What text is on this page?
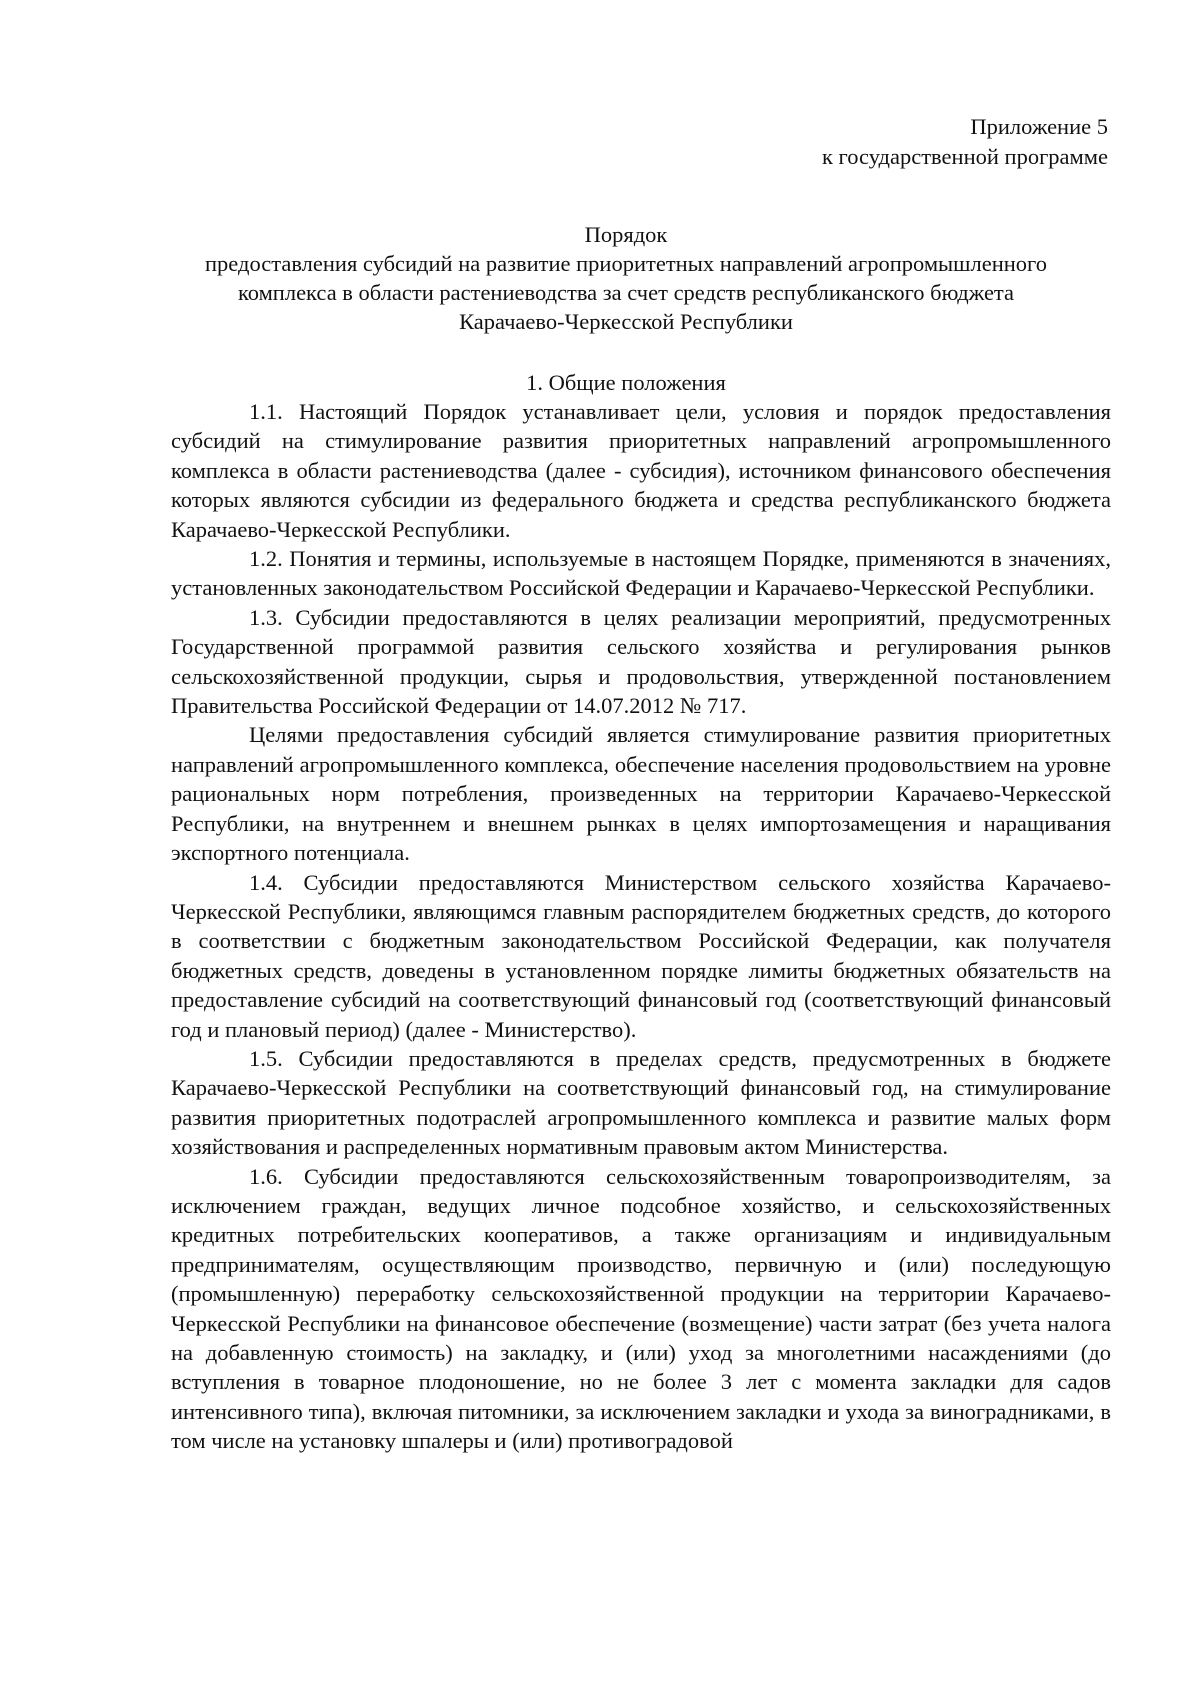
Приложение 5
к государственной программе
Порядок
предоставления субсидий на развитие приоритетных направлений агропромышленного
комплекса в области растениеводства за счет средств республиканского бюджета
Карачаево-Черкесской Республики
1. Общие положения

1.1. Настоящий Порядок устанавливает цели, условия и порядок предоставления субсидий на стимулирование развития приоритетных направлений агропромышленного комплекса в области растениеводства (далее - субсидия), источником финансового обеспечения которых являются субсидии из федерального бюджета и средства республиканского бюджета Карачаево-Черкесской Республики.

1.2. Понятия и термины, используемые в настоящем Порядке, применяются в значениях, установленных законодательством Российской Федерации и Карачаево-Черкесской Республики.

1.3. Субсидии предоставляются в целях реализации мероприятий, предусмотренных Государственной программой развития сельского хозяйства и регулирования рынков сельскохозяйственной продукции, сырья и продовольствия, утвержденной постановлением Правительства Российской Федерации от 14.07.2012 № 717.

Целями предоставления субсидий является стимулирование развития приоритетных направлений агропромышленного комплекса, обеспечение населения продовольствием на уровне рациональных норм потребления, произведенных на территории Карачаево-Черкесской Республики, на внутреннем и внешнем рынках в целях импортозамещения и наращивания экспортного потенциала.

1.4. Субсидии предоставляются Министерством сельского хозяйства Карачаево-Черкесской Республики, являющимся главным распорядителем бюджетных средств, до которого в соответствии с бюджетным законодательством Российской Федерации, как получателя бюджетных средств, доведены в установленном порядке лимиты бюджетных обязательств на предоставление субсидий на соответствующий финансовый год (соответствующий финансовый год и плановый период) (далее - Министерство).

1.5. Субсидии предоставляются в пределах средств, предусмотренных в бюджете Карачаево-Черкесской Республики на соответствующий финансовый год, на стимулирование развития приоритетных подотраслей агропромышленного комплекса и развитие малых форм хозяйствования и распределенных нормативным правовым актом Министерства.

1.6. Субсидии предоставляются сельскохозяйственным товаропроизводителям, за исключением граждан, ведущих личное подсобное хозяйство, и сельскохозяйственных кредитных потребительских кооперативов, а также организациям и индивидуальным предпринимателям, осуществляющим производство, первичную и (или) последующую (промышленную) переработку сельскохозяйственной продукции на территории Карачаево-Черкесской Республики на финансовое обеспечение (возмещение) части затрат (без учета налога на добавленную стоимость) на закладку, и (или) уход за многолетними насаждениями (до вступления в товарное плодоношение, но не более 3 лет с момента закладки для садов интенсивного типа), включая питомники, за исключением закладки и ухода за виноградниками, в том числе на установку шпалеры и (или) противоградовой
